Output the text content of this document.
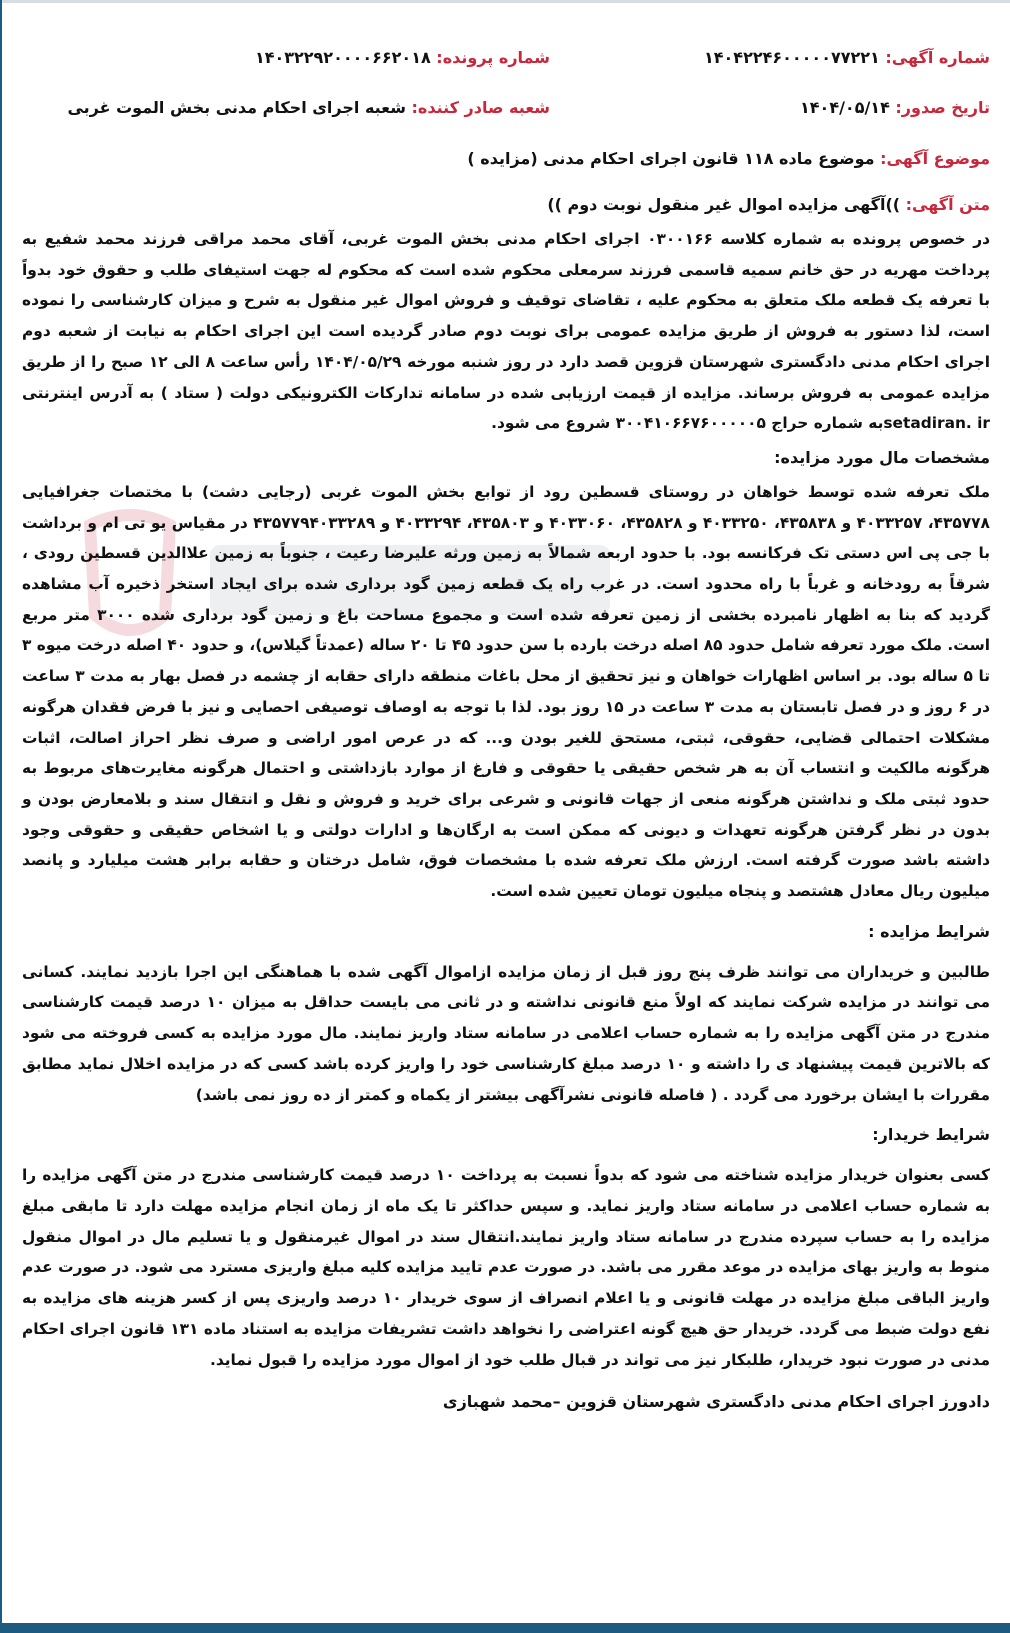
شماره آگهی: ۱۴۰۴۲۲۴۶۰۰۰۰۰۷۷۲۲۱
شماره پرونده: ۱۴۰۳۲۲۹۲۰۰۰۰۶۶۲۰۱۸
تاریخ صدور: ۱۴۰۴/۰۵/۱۴
شعبه صادر کننده: شعبه اجرای احکام مدنی بخش الموت غربی
موضوع آگهی: موضوع ماده ۱۱۸ قانون اجرای احکام مدنی (مزایده )
متن آگهی: ))آگهی مزایده اموال غیر منقول نوبت دوم ))
در خصوص پرونده به شماره کلاسه ۰۳۰۰۱۶۶ اجرای احکام مدنی بخش الموت غربی، آقای محمد مراقی فرزند محمد شفیع به پرداخت مهریه در حق خانم سمیه قاسمی فرزند سرمعلی محکوم شده است که محکوم له جهت استیفای طلب و حقوق خود بدواً با تعرفه یک قطعه ملک متعلق به محکوم علیه ، تقاضای توقیف و فروش اموال غیر منقول به شرح و میزان کارشناسی را نموده است، لذا دستور به فروش از طریق مزایده عمومی برای نوبت دوم صادر گردیده است این اجرای احکام به نیابت از شعبه دوم اجرای احکام مدنی دادگستری شهرستان قزوین قصد دارد در روز شنبه مورخه ۱۴۰۴/۰۵/۲۹ رأس ساعت ۸ الی ۱۲ صبح را از طریق مزایده عمومی به فروش برساند. مزایده از قیمت ارزیابی شده در سامانه تدارکات الکترونیکی دولت ( ستاد ) به آدرس اینترنتی setadiran. irبه شماره حراج ۳۰۰۴۱۰۶۶۷۶۰۰۰۰۰۵ شروع می شود.
مشخصات مال مورد مزایده:
ملک تعرفه شده توسط خواهان در روستای قسطین رود از توابع بخش الموت غربی (رجایی دشت) با مختصات جغرافیایی ۴۳۵۷۷۸، ۴۰۳۳۲۵۷ و ۴۳۵۸۳۸، ۴۰۳۳۲۵۰ و ۴۳۵۸۲۸، ۴۰۳۳۰۶۰ و ۴۳۵۸۰۳، ۴۰۳۳۲۹۴ و ۴۳۵۷۷۹۴۰۳۳۲۸۹ در مقیاس یو تی ام و برداشت با جی پی اس دستی تک فرکانسه بود. با حدود اربعه شمالاً به زمین ورثه علیرضا رعیت ، جنوباً به زمین علاالدین قسطین رودی ، شرقاً به رودخانه و غرباً با راه محدود است. در غرب راه یک قطعه زمین گود برداری شده برای ایجاد استخر ذخیره آب مشاهده گردید که بنا به اظهار نامبرده بخشی از زمین تعرفه شده است و مجموع مساحت باغ و زمین گود برداری شده ۳۰۰۰ متر مربع است. ملک مورد تعرفه شامل حدود ۸۵ اصله درخت بارده با سن حدود ۴۵ تا ۲۰ ساله (عمدتاً گیلاس)، و حدود ۴۰ اصله درخت میوه ۳ تا ۵ ساله بود. بر اساس اظهارات خواهان و نیز تحقیق از محل باغات منطقه دارای حقابه از چشمه در فصل بهار به مدت ۳ ساعت در ۶ روز و در فصل تابستان به مدت ۳ ساعت در ۱۵ روز بود. لذا با توجه به اوصاف توصیفی احصایی و نیز با فرض فقدان هرگونه مشکلات احتمالی قضایی، حقوقی، ثبتی، مستحق للغیر بودن و... که در عرص امور اراضی و صرف نظر احراز اصالت، اثبات هرگونه مالکیت و انتساب آن به هر شخص حقیقی یا حقوقی و فارغ از موارد بازداشتی و احتمال هرگونه مغایرت‌های مربوط به حدود ثبتی ملک و نداشتن هرگونه منعی از جهات قانونی و شرعی برای خرید و فروش و نقل و انتقال سند و بلامعارض بودن و بدون در نظر گرفتن هرگونه تعهدات و دیونی که ممکن است به ارگان‌ها و ادارات دولتی و یا اشخاص حقیقی و حقوقی وجود داشته باشد صورت گرفته است. ارزش ملک تعرفه شده با مشخصات فوق، شامل درختان و حقابه برابر هشت میلیارد و پانصد میلیون ریال معادل هشتصد و پنجاه میلیون تومان تعیین شده است.
شرایط مزایده :
طالبین و خریداران می توانند ظرف پنج روز قبل از زمان مزایده ازاموال آگهی شده با هماهنگی این اجرا بازدید نمایند. کسانی می توانند در مزایده شرکت نمایند که اولاً منع قانونی نداشته و در ثانی می بایست حداقل به میزان ۱۰ درصد قیمت کارشناسی مندرج در متن آگهی مزایده را به شماره حساب اعلامی در سامانه ستاد واریز نمایند. مال مورد مزایده به کسی فروخته می شود که بالاترین قیمت پیشنهاد ی را داشته و ۱۰ درصد مبلغ کارشناسی خود را واریز کرده باشد کسی که در مزایده اخلال نماید مطابق مقررات با ایشان برخورد می گردد . ( فاصله قانونی نشرآگهی بیشتر از یکماه و کمتر از ده روز نمی باشد)
شرایط خریدار:
کسی بعنوان خریدار مزایده شناخته می شود که بدواً نسبت به پرداخت ۱۰ درصد قیمت کارشناسی مندرج در متن آگهی مزایده را به شماره حساب اعلامی در سامانه ستاد واریز نماید. و سپس حداکثر تا یک ماه از زمان انجام مزایده مهلت دارد تا مابقی مبلغ مزایده را به حساب سپرده مندرج در سامانه ستاد واریز نمایند.انتقال سند در اموال غیرمنقول و یا تسلیم مال در اموال منقول منوط به واریز بهای مزایده در موعد مقرر می باشد. در صورت عدم تایید مزایده کلیه مبلغ واریزی مسترد می شود. در صورت عدم واریز الباقی مبلغ مزایده در مهلت قانونی و یا اعلام انصراف از سوی خریدار ۱۰ درصد واریزی پس از کسر هزینه های مزایده به نفع دولت ضبط می گردد. خریدار حق هیچ گونه اعتراضی را نخواهد داشت تشریفات مزایده به استناد ماده ۱۳۱ قانون اجرای احکام مدنی در صورت نبود خریدار، طلبکار نیز می تواند در قبال طلب خود از اموال مورد مزایده را قبول نماید.
دادورز اجرای احکام مدنی دادگستری شهرستان قزوین –محمد شهبازی
